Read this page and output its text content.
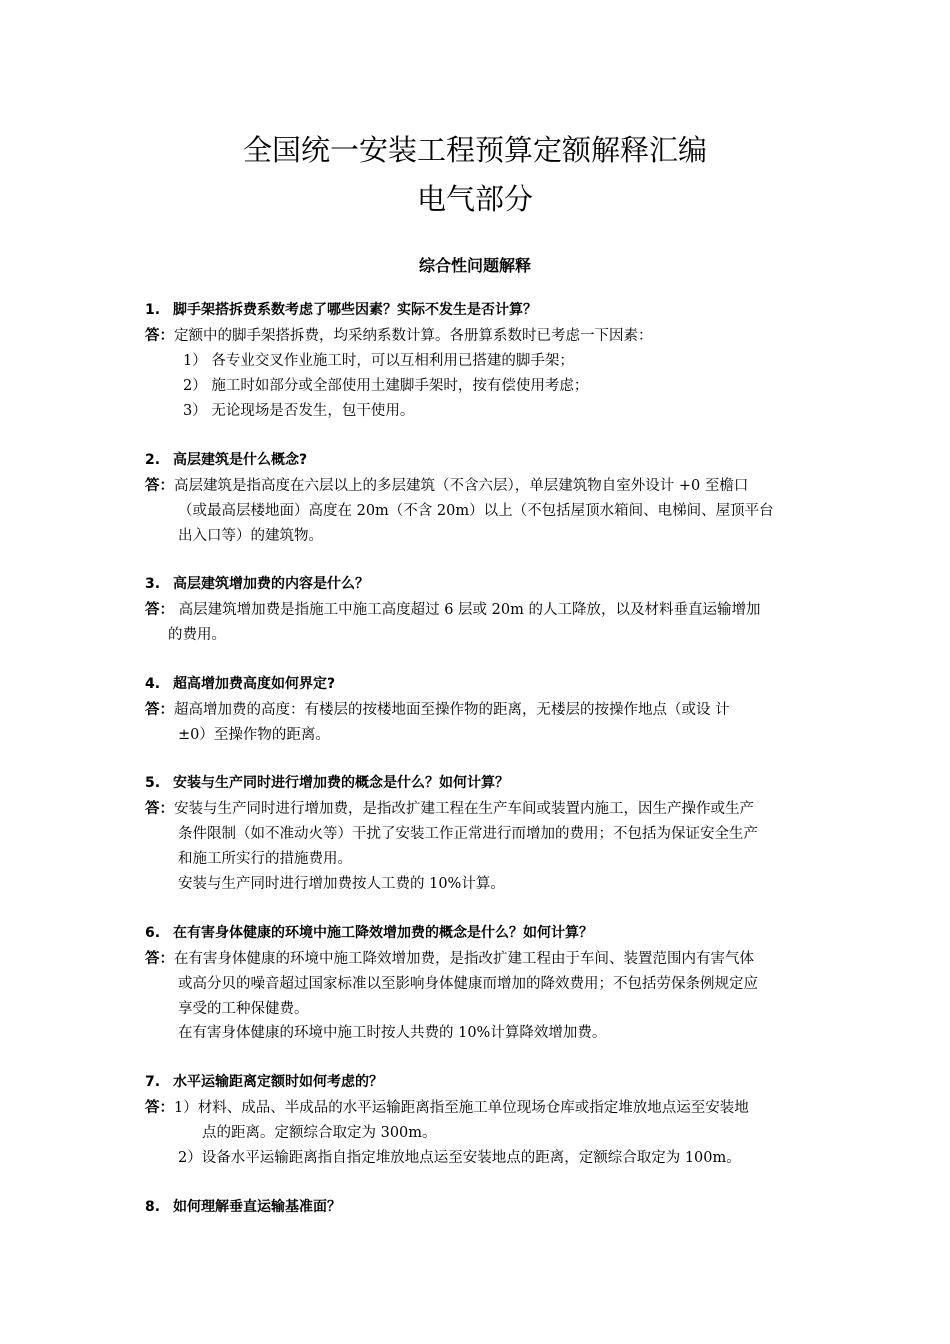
全国统一安装工程预算定额解释汇编
电气部分
综合性问题解释
1. 脚手架搭拆费系数考虑了哪些因素？实际不发生是否计算？
答：定额中的脚手架搭拆费，均采纳系数计算。各册算系数时已考虑一下因素：
1） 各专业交叉作业施工时，可以互相利用已搭建的脚手架；
2） 施工时如部分或全部使用土建脚手架时，按有偿使用考虑；
3） 无论现场是否发生，包干使用。
2. 高层建筑是什么概念?
答：高层建筑是指高度在六层以上的多层建筑（不含六层），单层建筑物自室外设计 +0 至檐口
（或最高层楼地面）高度在 20m（不含 20m）以上（不包括屋顶水箱间、电梯间、屋顶平台
出入口等）的建筑物。
3. 高层建筑增加费的内容是什么？
答： 高层建筑增加费是指施工中施工高度超过 6 层或 20m 的人工降放，以及材料垂直运输增加
的费用。
4. 超高增加费高度如何界定?
答：超高增加费的高度：有楼层的按楼地面至操作物的距离，无楼层的按操作地点（或设 计
±0）至操作物的距离。
5. 安装与生产同时进行增加费的概念是什么？如何计算？
答：安装与生产同时进行增加费，是指改扩建工程在生产车间或装置内施工，因生产操作或生产
条件限制（如不准动火等）干扰了安装工作正常进行而增加的费用；不包括为保证安全生产
和施工所实行的措施费用。
安装与生产同时进行增加费按人工费的 10%计算。
6. 在有害身体健康的环境中施工降效增加费的概念是什么？如何计算？
答：在有害身体健康的环境中施工降效增加费，是指改扩建工程由于车间、装置范围内有害气体
或高分贝的噪音超过国家标准以至影响身体健康而增加的降效费用；不包括劳保条例规定应
享受的工种保健费。
在有害身体健康的环境中施工时按人共费的 10%计算降效增加费。
7. 水平运输距离定额时如何考虑的？
答：1）材料、成品、半成品的水平运输距离指至施工单位现场仓库或指定堆放地点运至安装地
点的距离。定额综合取定为 300m。
2）设备水平运输距离指自指定堆放地点运至安装地点的距离，定额综合取定为 100m。
8. 如何理解垂直运输基准面？
